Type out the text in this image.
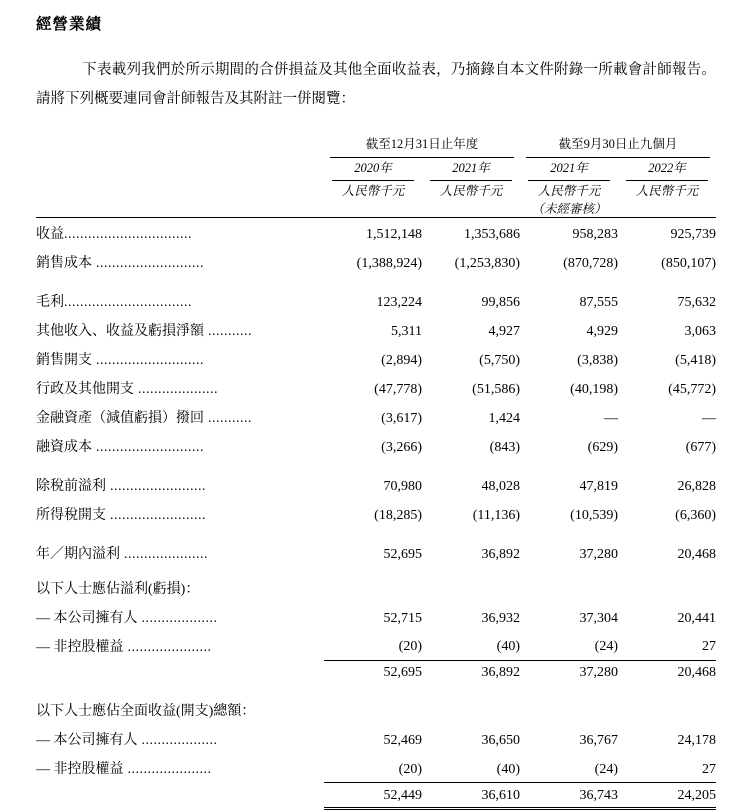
經營業績
下表載列我們於所示期間的合併損益及其他全面收益表，乃摘錄自本文件附錄一所載會計師報告。請將下列概要連同會計師報告及其附註一併閱覽：

	截至12月31日止年度		截至9月30日止九個月	

	2020年	2021年	2021年	2022年
	人民幣千元	人民幣千元	人民幣千元	人民幣千元
			（未經審核）	

收益................................	1,512,148	1,353,686	958,283	925,739
銷售成本 ...........................	(1,388,924)	(1,253,830)	(870,728)	(850,107)

毛利................................	123,224	99,856	87,555	75,632
其他收入、收益及虧損淨額 ...........	5,311	4,927	4,929	3,063
銷售開支 ...........................	(2,894)	(5,750)	(3,838)	(5,418)
行政及其他開支 ....................	(47,778)	(51,586)	(40,198)	(45,772)
金融資產（減值虧損）撥回 ...........	(3,617)	1,424	—	—
融資成本 ...........................	(3,266)	(843)	(629)	(677)

除稅前溢利 ........................	70,980	48,028	47,819	26,828
所得稅開支 ........................	(18,285)	(11,136)	(10,539)	(6,360)

年／期內溢利 .....................	52,695	36,892	37,280	20,468

以下人士應佔溢利(虧損)：				
— 本公司擁有人 ...................	52,715	36,932	37,304	20,441
— 非控股權益 .....................	(20)	(40)	(24)	27
	52,695	36,892	37,280	20,468

以下人士應佔全面收益(開支)總額：				
— 本公司擁有人 ...................	52,469	36,650	36,767	24,178
— 非控股權益 .....................	(20)	(40)	(24)	27
	52,449	36,610	36,743	24,205
